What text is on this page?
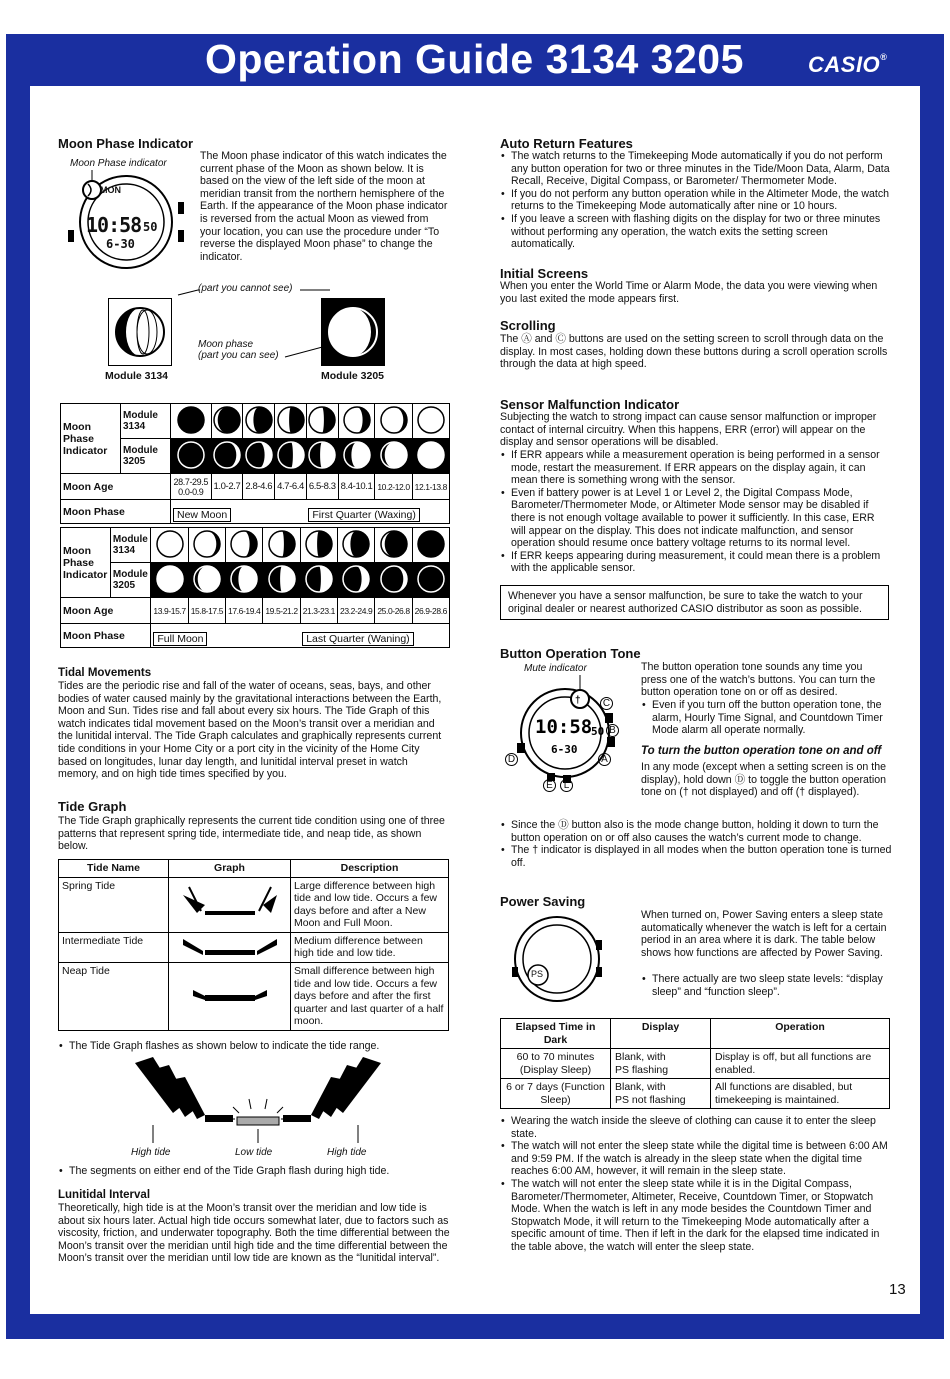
Operation Guide 3134 3205	CASIO®
Moon Phase Indicator
Moon Phase indicator

The Moon phase indicator of this watch indicates the current phase of the Moon as shown below. It is based on the view of the left side of the moon at meridian transit from the northern hemisphere of the Earth. If the appearance of the Moon phase indicator is reversed from the actual Moon as viewed from your location, you can use the procedure under “To reverse the displayed Moon phase” to change the indicator.

MON
10:58 50
6-30
(part you cannot see)
Moon phase
(part you can see)
Module 3134	Module 3205
Moon Phase Indicator	Module 3134								
	Module 3205								
Moon Age		28.7-29.5 0.0-0.9	1.0-2.7	2.8-4.6	4.7-6.4	6.5-8.3	8.4-10.1	10.2-12.0	12.1-13.8
Moon Phase		New Moon				First Quarter (Waxing)			
Moon Phase Indicator	Module 3134								
	Module 3205								
Moon Age		13.9-15.7	15.8-17.5	17.6-19.4	19.5-21.2	21.3-23.1	23.2-24.9	25.0-26.8	26.9-28.6
Moon Phase		Full Moon				Last Quarter (Waning)			
Tidal Movements

Tides are the periodic rise and fall of the water of oceans, seas, bays, and other bodies of water caused mainly by the gravitational interactions between the Earth, Moon and Sun. Tides rise and fall about every six hours. The Tide Graph of this watch indicates tidal movement based on the Moon’s transit over a meridian and the lunitidal interval. The Tide Graph calculates and graphically represents current tide conditions in your Home City or a port city in the vicinity of the Home City based on longitudes, lunar day length, and lunitidal interval preset in watch memory, and on high tide times specified by you.

Tide Graph

The Tide Graph graphically represents the current tide condition using one of three patterns that represent spring tide, intermediate tide, and neap tide, as shown below.

Tide Name	Graph	Description
Spring Tide		Large difference between high tide and low tide. Occurs a few days before and after a New Moon and Full Moon.
Intermediate Tide		Medium difference between high tide and low tide.
Neap Tide		Small difference between high tide and low tide. Occurs a few days before and after the first quarter and last quarter of a half moon.
• The Tide Graph flashes as shown below to indicate the tide range.
High tide	Low tide	High tide
• The segments on either end of the Tide Graph flash during high tide.
Lunitidal Interval

Theoretically, high tide is at the Moon’s transit over the meridian and low tide is about six hours later. Actual high tide occurs somewhat later, due to factors such as viscosity, friction, and underwater topography. Both the time differential between the Moon’s transit over the meridian until high tide and the time differential between the Moon’s transit over the meridian until low tide are known as the “lunitidal interval”.

Auto Return Features
• The watch returns to the Timekeeping Mode automatically if you do not perform any button operation for two or three minutes in the Tide/Moon Data, Alarm, Data Recall, Receive, Digital Compass, or Barometer/ Thermometer Mode.
• If you do not perform any button operation while in the Altimeter Mode, the watch returns to the Timekeeping Mode automatically after nine or 10 hours.
• If you leave a screen with flashing digits on the display for two or three minutes without performing any operation, the watch exits the setting screen automatically.
Initial Screens

When you enter the World Time or Alarm Mode, the data you were viewing when you last exited the mode appears first.

Scrolling

The Ⓐ and Ⓒ buttons are used on the setting screen to scroll through data on the display. In most cases, holding down these buttons during a scroll operation scrolls through the data at high speed.

Sensor Malfunction Indicator

Subjecting the watch to strong impact can cause sensor malfunction or improper contact of internal circuitry. When this happens, ERR (error) will appear on the display and sensor operations will be disabled.

• If ERR appears while a measurement operation is being performed in a sensor mode, restart the measurement. If ERR appears on the display again, it can mean there is something wrong with the sensor.
• Even if battery power is at Level 1 or Level 2, the Digital Compass Mode, Barometer/Thermometer Mode, or Altimeter Mode sensor may be disabled if there is not enough voltage available to power it sufficiently. In this case, ERR will appear on the display. This does not indicate malfunction, and sensor operation should resume once battery voltage returns to its normal level.
• If ERR keeps appearing during measurement, it could mean there is a problem with the applicable sensor.
Whenever you have a sensor malfunction, be sure to take the watch to your original dealer or nearest authorized CASIO distributor as soon as possible.
Button Operation Tone
Mute indicator
†
10:58
50
6-30
C
B
A
D
E	L

The button operation tone sounds any time you press one of the watch’s buttons. You can turn the button operation tone on or off as desired.

• Even if you turn off the button operation tone, the alarm, Hourly Time Signal, and Countdown Timer Mode alarm all operate normally.
To turn the button operation tone on and off

In any mode (except when a setting screen is on the display), hold down Ⓓ to toggle the button operation tone on († not displayed) and off († displayed).

• Since the Ⓓ button also is the mode change button, holding it down to turn the button operation on or off also causes the watch’s current mode to change.
• The † indicator is displayed in all modes when the button operation tone is turned off.
Power Saving
PS

When turned on, Power Saving enters a sleep state automatically whenever the watch is left for a certain period in an area where it is dark. The table below shows how functions are affected by Power Saving.

• There actually are two sleep state levels: “display sleep” and “function sleep”.
Elapsed Time in Dark	Display	Operation
60 to 70 minutes (Display Sleep)	Blank, with
PS flashing	Display is off, but all functions are enabled.
6 or 7 days (Function Sleep)	Blank, with
PS not flashing	All functions are disabled, but timekeeping is maintained.
• Wearing the watch inside the sleeve of clothing can cause it to enter the sleep state.
• The watch will not enter the sleep state while the digital time is between 6:00 AM and 9:59 PM. If the watch is already in the sleep state when the digital time reaches 6:00 AM, however, it will remain in the sleep state.
• The watch will not enter the sleep state while it is in the Digital Compass, Barometer/Thermometer, Altimeter, Receive, Countdown Timer, or Stopwatch Mode. When the watch is left in any mode besides the Countdown Timer and Stopwatch Mode, it will return to the Timekeeping Mode automatically after a specific amount of time. Then if left in the dark for the elapsed time indicated in the table above, the watch will enter the sleep state.
13
